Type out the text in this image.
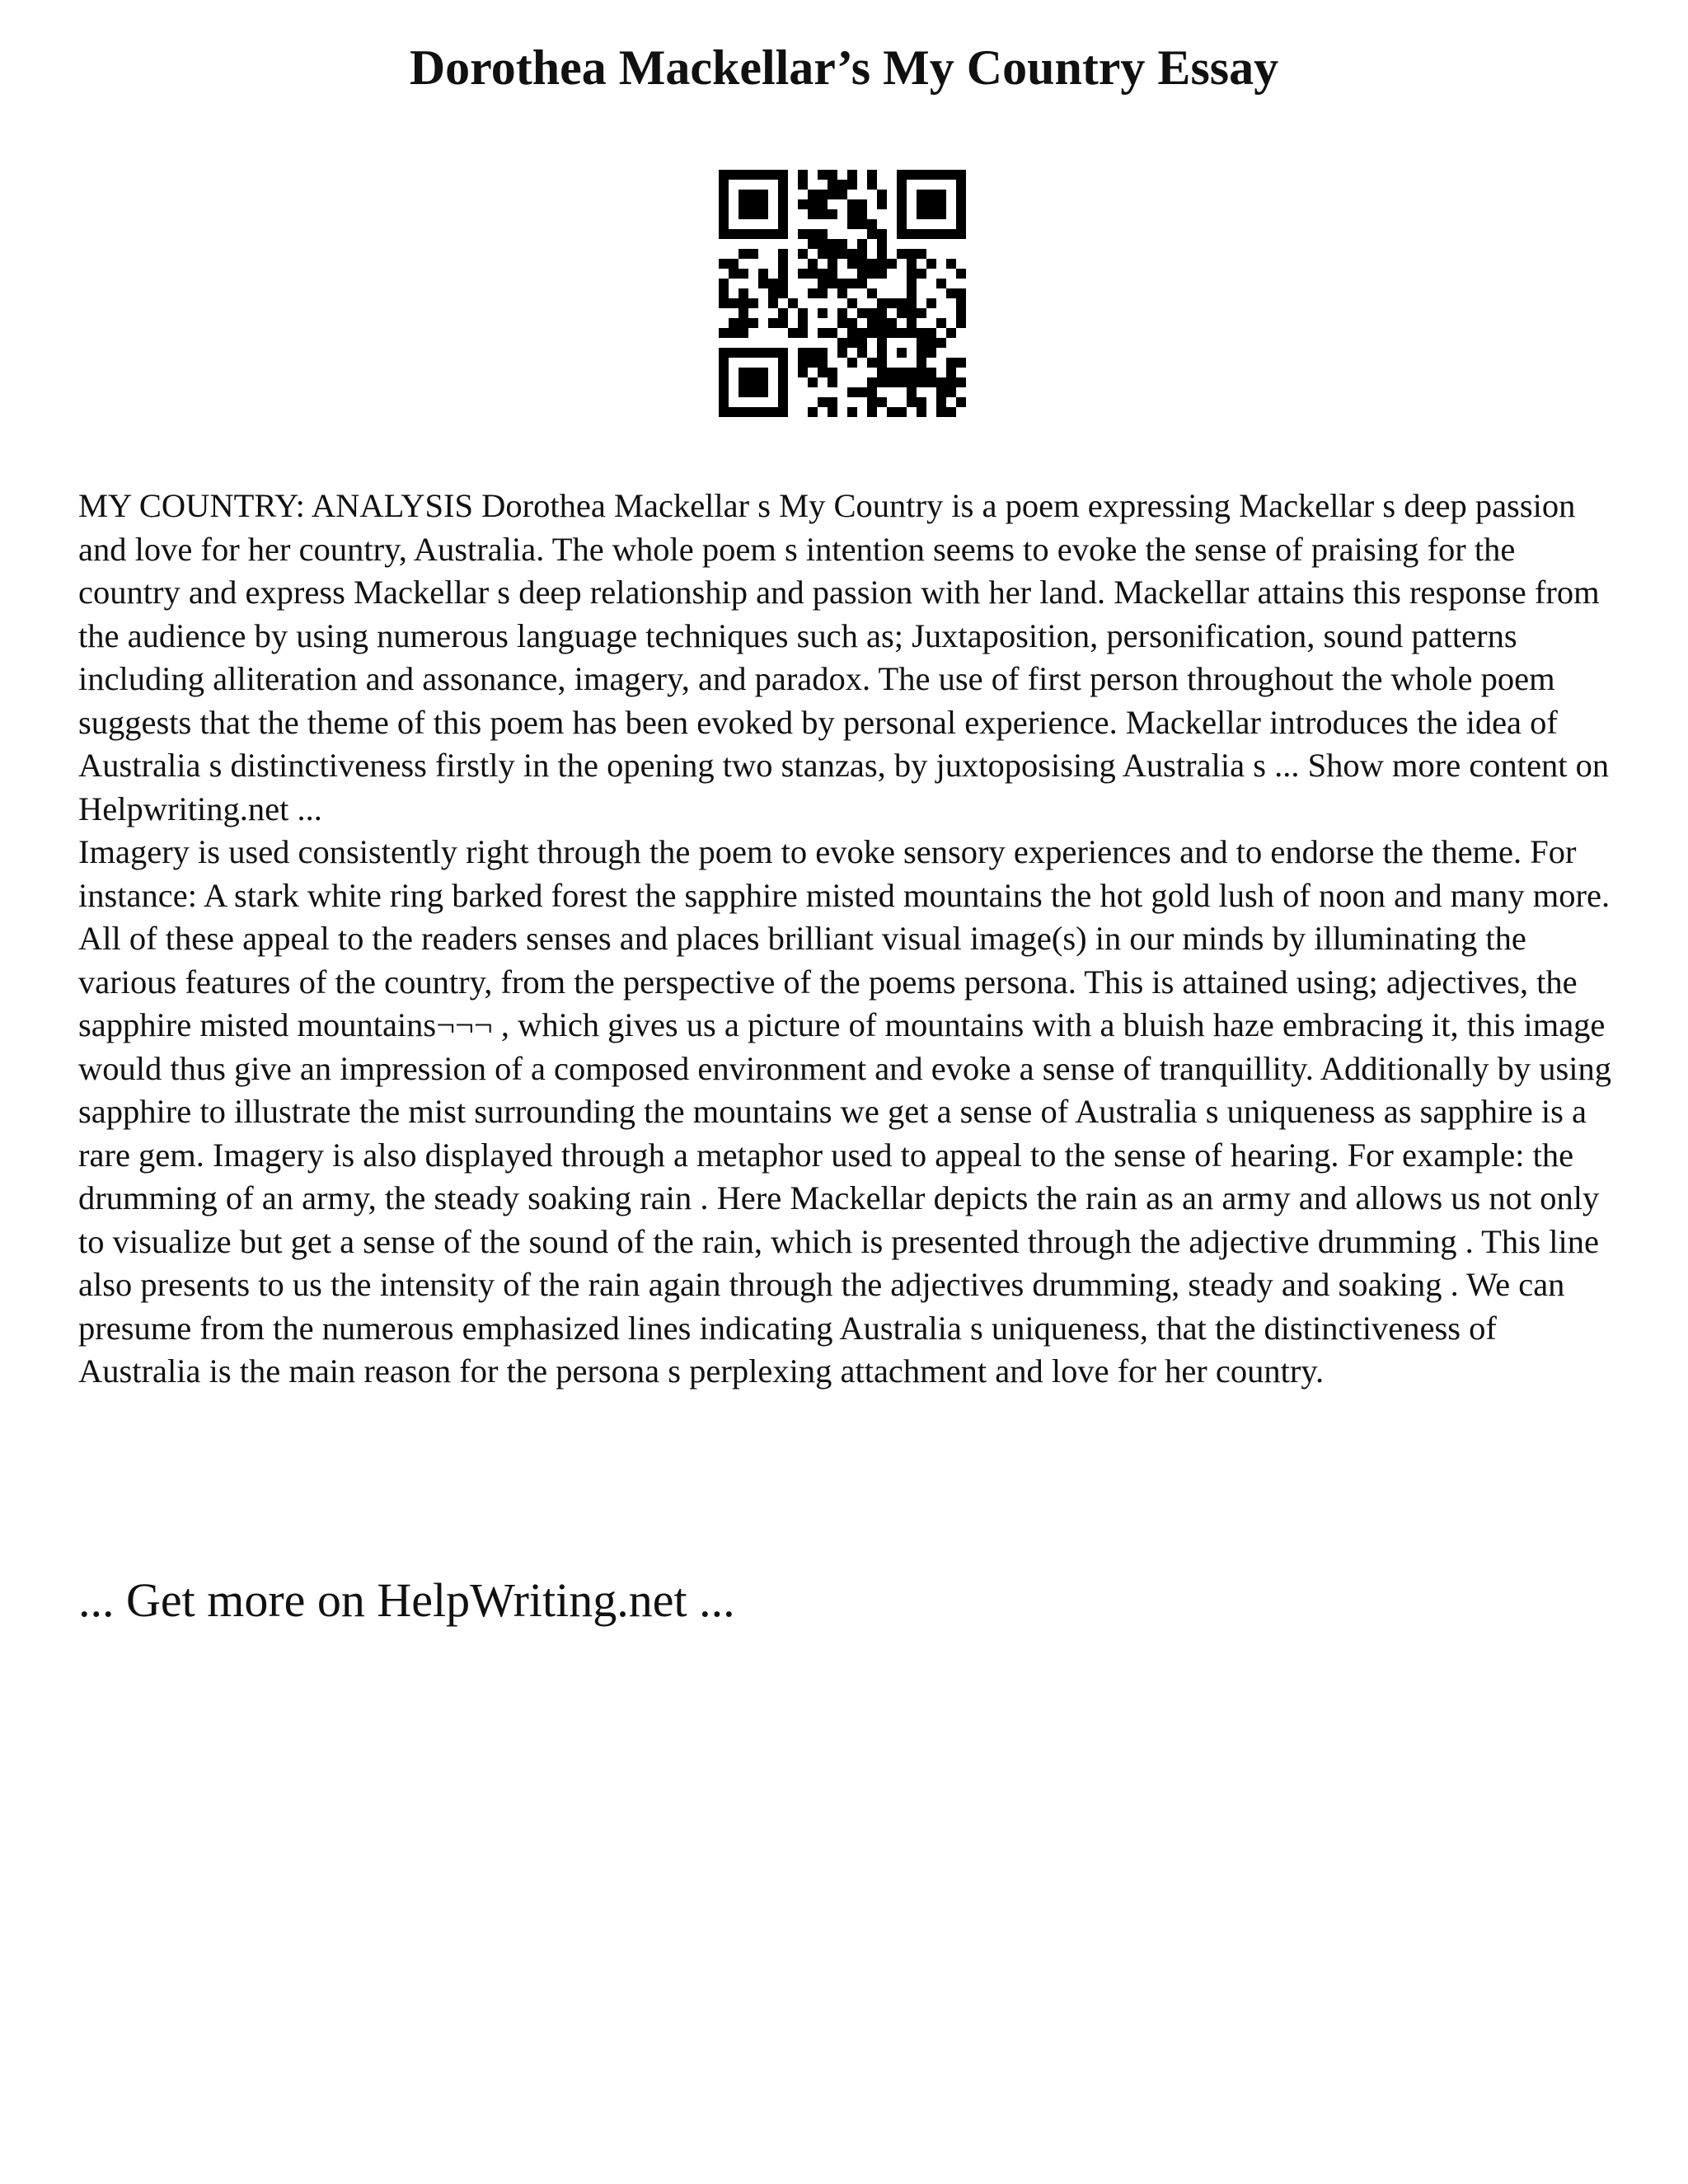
Dorothea Mackellar’s My Country Essay

MY COUNTRY: ANALYSIS Dorothea Mackellar s My Country is a poem expressing Mackellar s deep passion and love for her country, Australia. The whole poem s intention seems to evoke the sense of praising for the country and express Mackellar s deep relationship and passion with her land. Mackellar attains this response from the audience by using numerous language techniques such as; Juxtaposition, personification, sound patterns including alliteration and assonance, imagery, and paradox. The use of first person throughout the whole poem suggests that the theme of this poem has been evoked by personal experience. Mackellar introduces the idea of Australia s distinctiveness firstly in the opening two stanzas, by juxtoposising Australia s ... Show more content on Helpwriting.net ...

Imagery is used consistently right through the poem to evoke sensory experiences and to endorse the theme. For instance: A stark white ring barked forest the sapphire misted mountains the hot gold lush of noon and many more. All of these appeal to the readers senses and places brilliant visual image(s) in our minds by illuminating the various features of the country, from the perspective of the poems persona. This is attained using; adjectives, the sapphire misted mountains¬¬¬ , which gives us a picture of mountains with a bluish haze embracing it, this image would thus give an impression of a composed environment and evoke a sense of tranquillity. Additionally by using sapphire to illustrate the mist surrounding the mountains we get a sense of Australia s uniqueness as sapphire is a rare gem. Imagery is also displayed through a metaphor used to appeal to the sense of hearing. For example: the drumming of an army, the steady soaking rain . Here Mackellar depicts the rain as an army and allows us not only to visualize but get a sense of the sound of the rain, which is presented through the adjective drumming . This line also presents to us the intensity of the rain again through the adjectives drumming, steady and soaking . We can presume from the numerous emphasized lines indicating Australia s uniqueness, that the distinctiveness of Australia is the main reason for the persona s perplexing attachment and love for her country.

... Get more on HelpWriting.net ...
